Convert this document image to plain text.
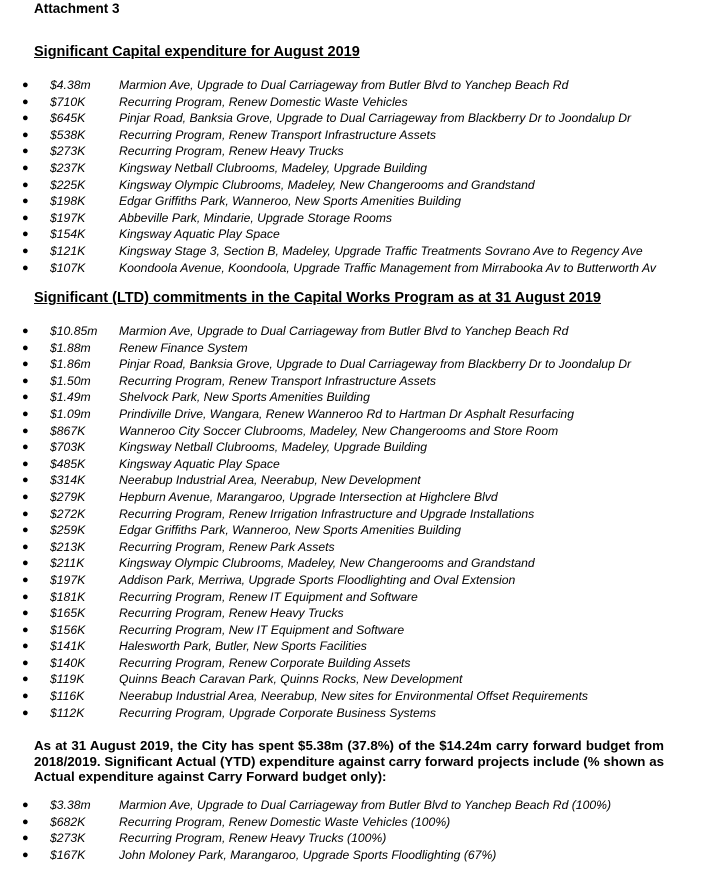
Attachment 3
Significant Capital expenditure for August 2019
• ● $4.38m Marmion Ave, Upgrade to Dual Carriageway from Butler Blvd to Yanchep Beach Rd
• ● $710K	Recurring Program, Renew Domestic Waste Vehicles
• ● $645K	Pinjar Road, Banksia Grove, Upgrade to Dual Carriageway from Blackberry Dr to Joondalup Dr
• ● $538K	Recurring Program, Renew Transport Infrastructure Assets
• ● $273K	Recurring Program, Renew Heavy Trucks
• ● $237K	Kingsway Netball Clubrooms, Madeley, Upgrade Building
• ● $225K	Kingsway Olympic Clubrooms, Madeley, New Changerooms and Grandstand
• ● $198K	Edgar Griffiths Park, Wanneroo, New Sports Amenities Building
• ● $197K	Abbeville Park, Mindarie, Upgrade Storage Rooms
• ● $154K	Kingsway Aquatic Play Space
• ● $121K	Kingsway Stage 3, Section B, Madeley, Upgrade Traffic Treatments Sovrano Ave to Regency Ave
• ● $107K	Koondoola Avenue, Koondoola, Upgrade Traffic Management from Mirrabooka Av to Butterworth Av
Significant (LTD) commitments in the Capital Works Program as at 31 August 2019
• ● $10.85m Marmion Ave, Upgrade to Dual Carriageway from Butler Blvd to Yanchep Beach Rd
• ● $1.88m Renew Finance System
• ● $1.86m Pinjar Road, Banksia Grove, Upgrade to Dual Carriageway from Blackberry Dr to Joondalup Dr
• ● $1.50m Recurring Program, Renew Transport Infrastructure Assets
• ● $1.49m Shelvock Park, New Sports Amenities Building
• ● $1.09m Prindiville Drive, Wangara, Renew Wanneroo Rd to Hartman Dr Asphalt Resurfacing
• ● $867K	Wanneroo City Soccer Clubrooms, Madeley, New Changerooms and Store Room
• ● $703K	Kingsway Netball Clubrooms, Madeley, Upgrade Building
• ● $485K	Kingsway Aquatic Play Space
• ● $314K	Neerabup Industrial Area, Neerabup, New Development
• ● $279K	Hepburn Avenue, Marangaroo, Upgrade Intersection at Highclere Blvd
• ● $272K	Recurring Program, Renew Irrigation Infrastructure and Upgrade Installations
• ● $259K	Edgar Griffiths Park, Wanneroo, New Sports Amenities Building
• ● $213K	Recurring Program, Renew Park Assets
• ● $211K	Kingsway Olympic Clubrooms, Madeley, New Changerooms and Grandstand
• ● $197K	Addison Park, Merriwa, Upgrade Sports Floodlighting and Oval Extension
• ● $181K	Recurring Program, Renew IT Equipment and Software
• ● $165K	Recurring Program, Renew Heavy Trucks
• ● $156K	Recurring Program, New IT Equipment and Software
• ● $141K	Halesworth Park, Butler, New Sports Facilities
• ● $140K	Recurring Program, Renew Corporate Building Assets
• ● $119K	Quinns Beach Caravan Park, Quinns Rocks, New Development
• ● $116K	Neerabup Industrial Area, Neerabup, New sites for Environmental Offset Requirements
• ● $112K	Recurring Program, Upgrade Corporate Business Systems
As at 31 August 2019, the City has spent $5.38m (37.8%) of the $14.24m carry forward budget from 2018/2019. Significant Actual (YTD) expenditure against carry forward projects include (% shown as Actual expenditure against Carry Forward budget only):
• ● $3.38m Marmion Ave, Upgrade to Dual Carriageway from Butler Blvd to Yanchep Beach Rd (100%)
• ● $682K	Recurring Program, Renew Domestic Waste Vehicles (100%)
• ● $273K	Recurring Program, Renew Heavy Trucks (100%)
• ● $167K	John Moloney Park, Marangaroo, Upgrade Sports Floodlighting (67%)
